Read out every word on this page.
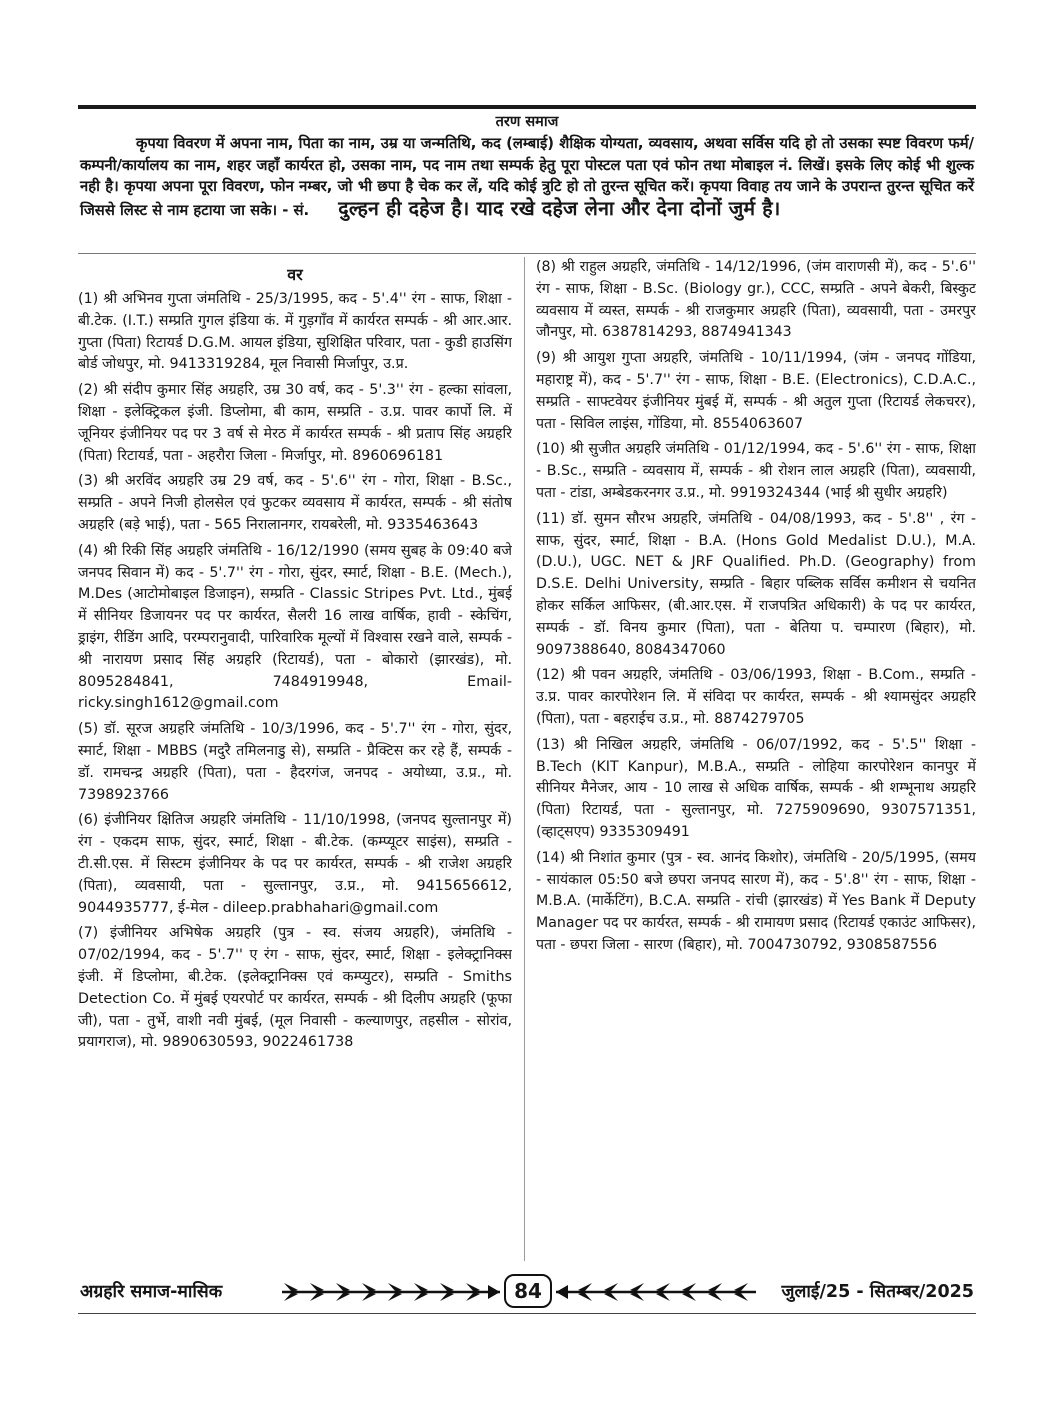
तरण समाज
कृपया विवरण में अपना नाम, पिता का नाम, उम्र या जन्मतिथि, कद (लम्बाई) शैक्षिक योग्यता, व्यवसाय, अथवा सर्विस यदि हो तो उसका स्पष्ट विवरण फर्म/कम्पनी/कार्यालय का नाम, शहर जहाँ कार्यरत हो, उसका नाम, पद नाम तथा सम्पर्क हेतु पूरा पोस्टल पता एवं फोन तथा मोबाइल नं. लिखें। इसके लिए कोई भी शुल्क नही है। कृपया अपना पूरा विवरण, फोन नम्बर, जो भी छपा है चेक कर लें, यदि कोई त्रुटि हो तो तुरन्त सूचित करें। कृपया विवाह तय जाने के उपरान्त तुरन्त सूचित करें जिससे लिस्ट से नाम हटाया जा सके। - सं. दुल्हन ही दहेज है। याद रखे दहेज लेना और देना दोनों जुर्म है।
वर

(1) श्री अभिनव गुप्ता जंमतिथि - 25/3/1995, कद - 5'.4'' रंग - साफ, शिक्षा - बी.टेक. (I.T.) सम्प्रति गुगल इंडिया कं. में गुड़गाँव में कार्यरत सम्पर्क - श्री आर.आर. गुप्ता (पिता) रिटायर्ड D.G.M. आयल इंडिया, सुशिक्षित परिवार, पता - कुडी हाउसिंग बोर्ड जोधपुर, मो. 9413319284, मूल निवासी मिर्जापुर, उ.प्र.

(2) श्री संदीप कुमार सिंह अग्रहरि, उम्र 30 वर्ष, कद - 5'.3'' रंग - हल्का सांवला, शिक्षा - इलेक्ट्रिकल इंजी. डिप्लोमा, बी काम, सम्प्रति - उ.प्र. पावर कार्पो लि. में जूनियर इंजीनियर पद पर 3 वर्ष से मेरठ में कार्यरत सम्पर्क - श्री प्रताप सिंह अग्रहरि (पिता) रिटायर्ड, पता - अहरौरा जिला - मिर्जापुर, मो. 8960696181

(3) श्री अरविंद अग्रहरि उम्र 29 वर्ष, कद - 5'.6'' रंग - गोरा, शिक्षा - B.Sc., सम्प्रति - अपने निजी होलसेल एवं फुटकर व्यवसाय में कार्यरत, सम्पर्क - श्री संतोष अग्रहरि (बड़े भाई), पता - 565 निरालानगर, रायबरेली, मो. 9335463643

(4) श्री रिकी सिंह अग्रहरि जंमतिथि - 16/12/1990 (समय सुबह के 09:40 बजे जनपद सिवान में) कद - 5'.7'' रंग - गोरा, सुंदर, स्मार्ट, शिक्षा - B.E. (Mech.), M.Des (आटोमोबाइल डिजाइन), सम्प्रति - Classic Stripes Pvt. Ltd., मुंबई में सीनियर डिजायनर पद पर कार्यरत, सैलरी 16 लाख वार्षिक, हावी - स्केचिंग, ड्राइंग, रीडिंग आदि, परम्परानुवादी, पारिवारिक मूल्यों में विश्वास रखने वाले, सम्पर्क - श्री नारायण प्रसाद सिंह अग्रहरि (रिटायर्ड), पता - बोकारो (झारखंड), मो. 8095284841, 7484919948, Email- ricky.singh1612@gmail.com

(5) डॉ. सूरज अग्रहरि जंमतिथि - 10/3/1996, कद - 5'.7'' रंग - गोरा, सुंदर, स्मार्ट, शिक्षा - MBBS (मदुरै तमिलनाडु से), सम्प्रति - प्रैक्टिस कर रहे हैं, सम्पर्क - डॉ. रामचन्द्र अग्रहरि (पिता), पता - हैदरगंज, जनपद - अयोध्या, उ.प्र., मो. 7398923766

(6) इंजीनियर क्षितिज अग्रहरि जंमतिथि - 11/10/1998, (जनपद सुल्तानपुर में) रंग - एकदम साफ, सुंदर, स्मार्ट, शिक्षा - बी.टेक. (कम्प्यूटर साइंस), सम्प्रति - टी.सी.एस. में सिस्टम इंजीनियर के पद पर कार्यरत, सम्पर्क - श्री राजेश अग्रहरि (पिता), व्यवसायी, पता - सुल्तानपुर, उ.प्र., मो. 9415656612, 9044935777, ई-मेल - dileep.prabhahari@gmail.com

(7) इंजीनियर अभिषेक अग्रहरि (पुत्र - स्व. संजय अग्रहरि), जंमतिथि - 07/02/1994, कद - 5'.7'' ए रंग - साफ, सुंदर, स्मार्ट, शिक्षा - इलेक्ट्रानिक्स इंजी. में डिप्लोमा, बी.टेक. (इलेक्ट्रानिक्स एवं कम्प्युटर), सम्प्रति - Smiths Detection Co. में मुंबई एयरपोर्ट पर कार्यरत, सम्पर्क - श्री दिलीप अग्रहरि (फूफा जी), पता - तुर्भे, वाशी नवी मुंबई, (मूल निवासी - कल्याणपुर, तहसील - सोरांव, प्रयागराज), मो. 9890630593, 9022461738

(8) श्री राहुल अग्रहरि, जंमतिथि - 14/12/1996, (जंम वाराणसी में), कद - 5'.6'' रंग - साफ, शिक्षा - B.Sc. (Biology gr.), CCC, सम्प्रति - अपने बेकरी, बिस्कुट व्यवसाय में व्यस्त, सम्पर्क - श्री राजकुमार अग्रहरि (पिता), व्यवसायी, पता - उमरपुर जौनपुर, मो. 6387814293, 8874941343

(9) श्री आयुश गुप्ता अग्रहरि, जंमतिथि - 10/11/1994, (जंम - जनपद गोंडिया, महाराष्ट्र में), कद - 5'.7'' रंग - साफ, शिक्षा - B.E. (Electronics), C.D.A.C., सम्प्रति - साफ्टवेयर इंजीनियर मुंबई में, सम्पर्क - श्री अतुल गुप्ता (रिटायर्ड लेकचरर), पता - सिविल लाइंस, गोंडिया, मो. 8554063607

(10) श्री सुजीत अग्रहरि जंमतिथि - 01/12/1994, कद - 5'.6'' रंग - साफ, शिक्षा - B.Sc., सम्प्रति - व्यवसाय में, सम्पर्क - श्री रोशन लाल अग्रहरि (पिता), व्यवसायी, पता - टांडा, अम्बेडकरनगर उ.प्र., मो. 9919324344 (भाई श्री सुधीर अग्रहरि)

(11) डॉ. सुमन सौरभ अग्रहरि, जंमतिथि - 04/08/1993, कद - 5'.8'' , रंग - साफ, सुंदर, स्मार्ट, शिक्षा - B.A. (Hons Gold Medalist D.U.), M.A. (D.U.), UGC. NET & JRF Qualified. Ph.D. (Geography) from D.S.E. Delhi University, सम्प्रति - बिहार पब्लिक सर्विस कमीशन से चयनित होकर सर्किल आफिसर, (बी.आर.एस. में राजपत्रित अधिकारी) के पद पर कार्यरत, सम्पर्क - डॉ. विनय कुमार (पिता), पता - बेतिया प. चम्पारण (बिहार), मो. 9097388640, 8084347060

(12) श्री पवन अग्रहरि, जंमतिथि - 03/06/1993, शिक्षा - B.Com., सम्प्रति - उ.प्र. पावर कारपोरेशन लि. में संविदा पर कार्यरत, सम्पर्क - श्री श्यामसुंदर अग्रहरि (पिता), पता - बहराईच उ.प्र., मो. 8874279705

(13) श्री निखिल अग्रहरि, जंमतिथि - 06/07/1992, कद - 5'.5'' शिक्षा - B.Tech (KIT Kanpur), M.B.A., सम्प्रति - लोहिया कारपोरेशन कानपुर में सीनियर मैनेजर, आय - 10 लाख से अधिक वार्षिक, सम्पर्क - श्री शम्भूनाथ अग्रहरि (पिता) रिटायर्ड, पता - सुल्तानपुर, मो. 7275909690, 9307571351, (व्हाट्सएप) 9335309491

(14) श्री निशांत कुमार (पुत्र - स्व. आनंद किशोर), जंमतिथि - 20/5/1995, (समय - सायंकाल 05:50 बजे छपरा जनपद सारण में), कद - 5'.8'' रंग - साफ, शिक्षा - M.B.A. (मार्केटिंग), B.C.A. सम्प्रति - रांची (झारखंड) में Yes Bank में Deputy Manager पद पर कार्यरत, सम्पर्क - श्री रामायण प्रसाद (रिटायर्ड एकाउंट आफिसर), पता - छपरा जिला - सारण (बिहार), मो. 7004730792, 9308587556

अग्रहरि समाज-मासिक	84	जुलाई/25 - सितम्बर/2025
